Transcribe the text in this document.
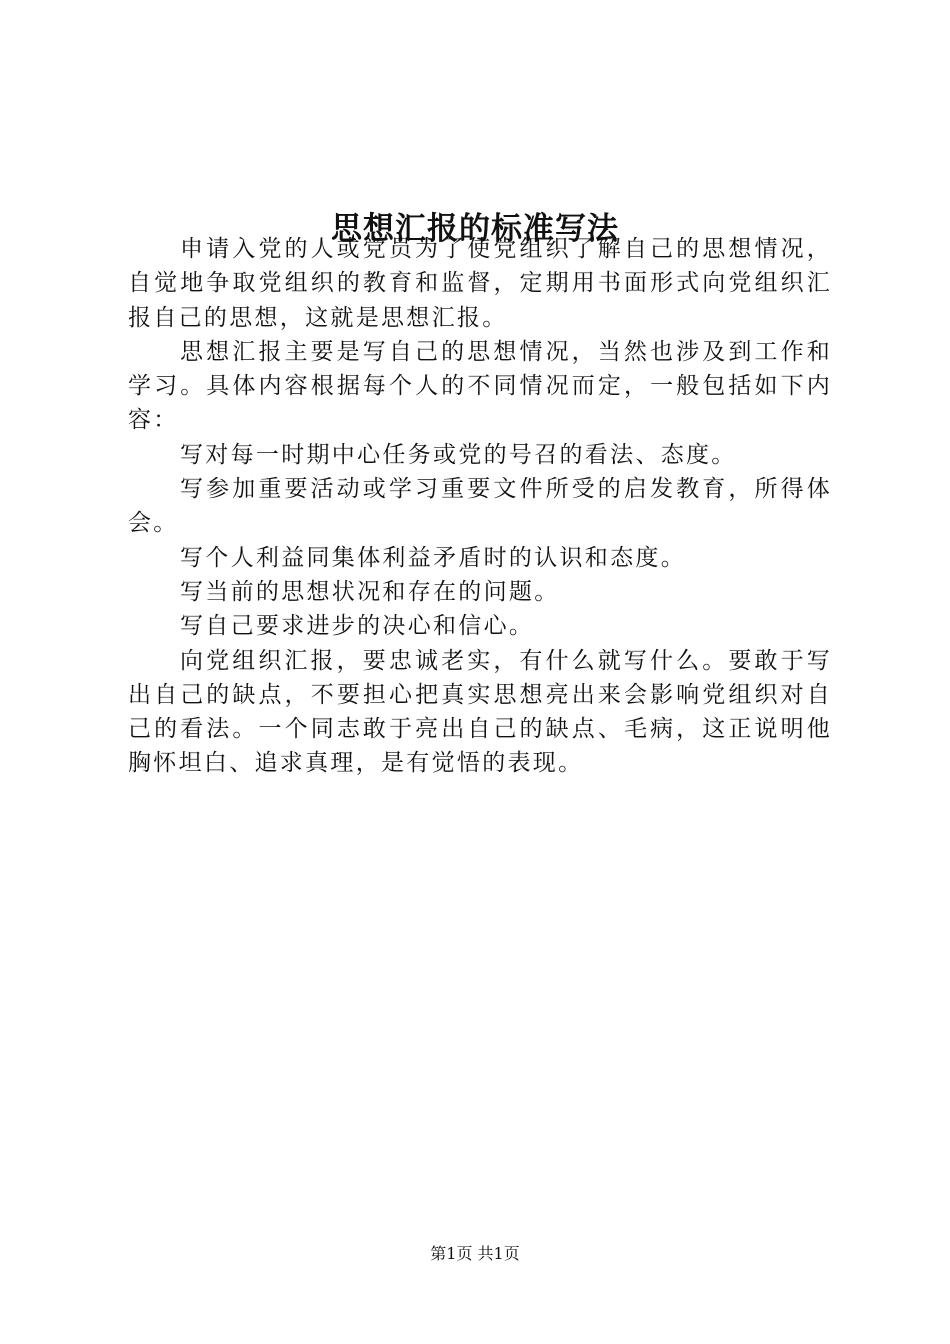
思想汇报的标准写法

申请入党的人或党员为了使党组织了解自己的思想情况，自觉地争取党组织的教育和监督，定期用书面形式向党组织汇报自己的思想，这就是思想汇报。

思想汇报主要是写自己的思想情况，当然也涉及到工作和学习。具体内容根据每个人的不同情况而定，一般包括如下内容：

写对每一时期中心任务或党的号召的看法、态度。

写参加重要活动或学习重要文件所受的启发教育，所得体会。

写个人利益同集体利益矛盾时的认识和态度。

写当前的思想状况和存在的问题。

写自己要求进步的决心和信心。

向党组织汇报，要忠诚老实，有什么就写什么。要敢于写出自己的缺点，不要担心把真实思想亮出来会影响党组织对自己的看法。一个同志敢于亮出自己的缺点、毛病，这正说明他胸怀坦白、追求真理，是有觉悟的表现。

第1页 共1页
